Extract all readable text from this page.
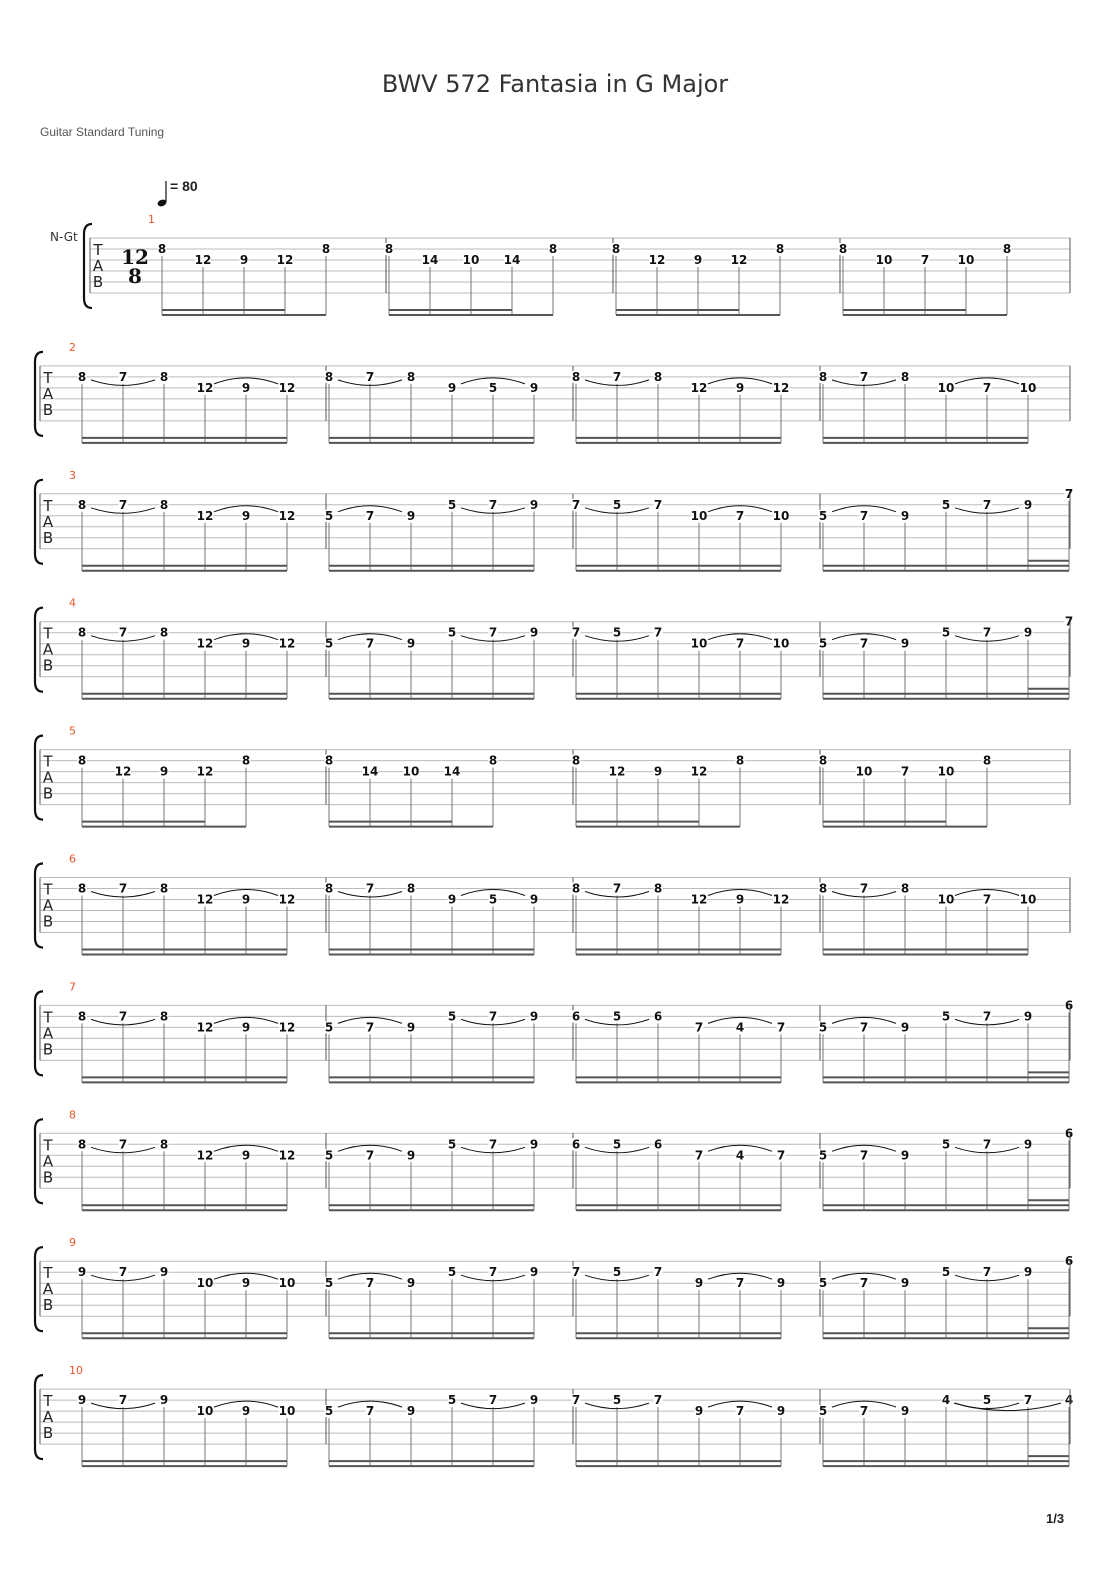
BWV 572 Fantasia in G Major
Guitar Standard Tuning
= 80
T
A
B
1
N-Gt
12
8
8
12 9 12
8	8
14 10 14
8	8
12 9 12
8	8
10 7 10
8
T
A
B
2
8	7	8
12 9 12
8	7	8
9	5	9
8	7	8
12 9 12
8	7	8
10 7 10
T
A
B
3
8	7	8
12 9 12 5	7	9
5	7	9	7	5	7
10 7 10 5	7	9
5	7	9
7
T
A
B
4
8	7	8
12 9 12 5	7	9
5	7	9	7	5	7
10 7 10 5	7	9
5	7	9
7
T
A
B
5
8
12 9 12
8	8
14 10 14
8	8
12 9 12
8	8
10 7 10
8
T
A
B
6
8	7	8
12 9 12
8	7	8
9	5	9
8	7	8
12 9 12
8	7	8
10 7 10
T
A
B
7
8	7	8
12 9 12 5	7	9
5	7	9	6	5	6
7	4	7	5	7	9
5	7	9
6
T
A
B
8
8	7	8
12 9 12 5	7	9
5	7	9	6	5	6
7	4	7	5	7	9
5	7	9
6
T
A
B
9
9	7	9
10 9 10 5	7	9
5	7	9	7	5	7
9	7	9	5	7	9
5	7	9
6
T
A
B
10
9	7	9
10 9 10 5	7	9
5	7	9	7	5	7
9	7	9	5	7	9
4	5	7	4
1/3
